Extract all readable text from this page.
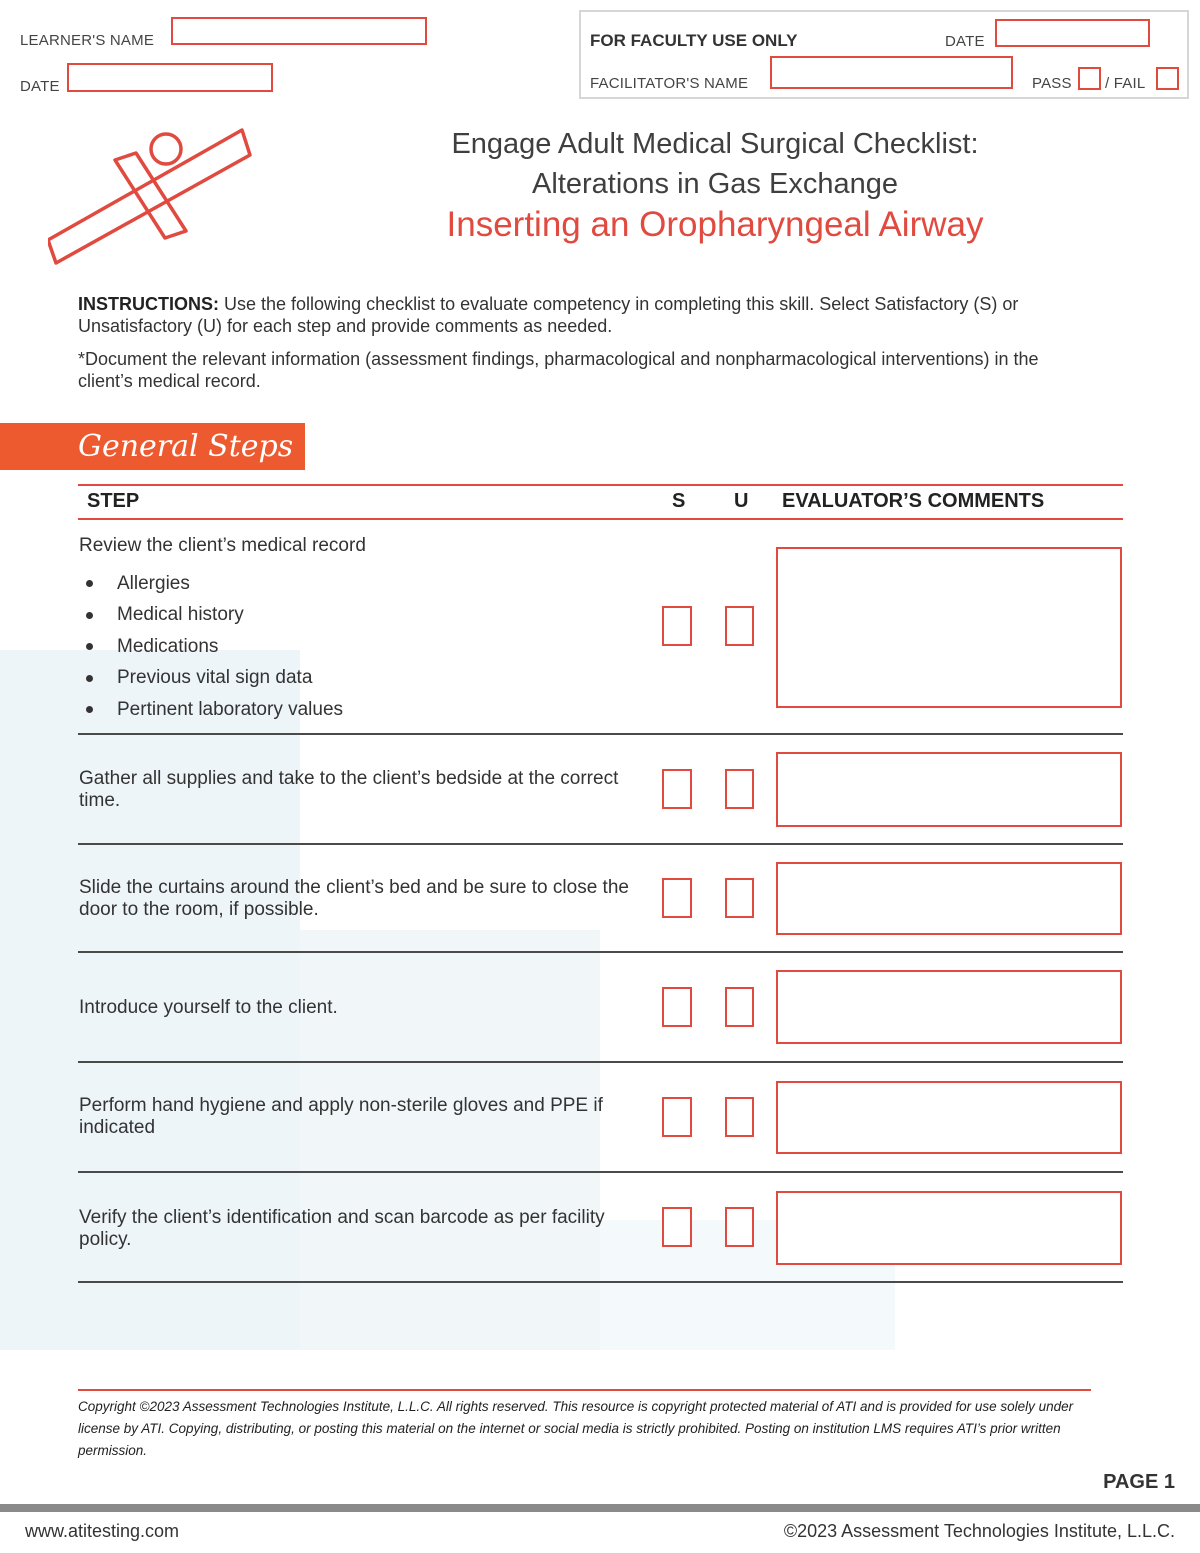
LEARNER'S NAME
DATE
FOR FACULTY USE ONLY	DATE
FACILITATOR'S NAME	PASS / FAIL
Engage Adult Medical Surgical Checklist:
Alterations in Gas Exchange
Inserting an Oropharyngeal Airway
INSTRUCTIONS: Use the following checklist to evaluate competency in completing this skill. Select Satisfactory (S) or Unsatisfactory (U) for each step and provide comments as needed.
*Document the relevant information (assessment findings, pharmacological and nonpharmacological interventions) in the client’s medical record.
General Steps
STEP	S U EVALUATOR’S COMMENTS
Review the client’s medical record
Allergies
Medical history
Medications
Previous vital sign data
Pertinent laboratory values
Gather all supplies and take to the client’s bedside at the correct time.
Slide the curtains around the client’s bed and be sure to close the door to the room, if possible.
Introduce yourself to the client.
Perform hand hygiene and apply non-sterile gloves and PPE if indicated
Verify the client’s identification and scan barcode as per facility policy.
Copyright ©2023 Assessment Technologies Institute, L.L.C. All rights reserved. This resource is copyright protected material of ATI and is provided for use solely under license by ATI. Copying, distributing, or posting this material on the internet or social media is strictly prohibited. Posting on institution LMS requires ATI’s prior written permission.
PAGE 1
www.atitesting.com	©2023 Assessment Technologies Institute, L.L.C.
